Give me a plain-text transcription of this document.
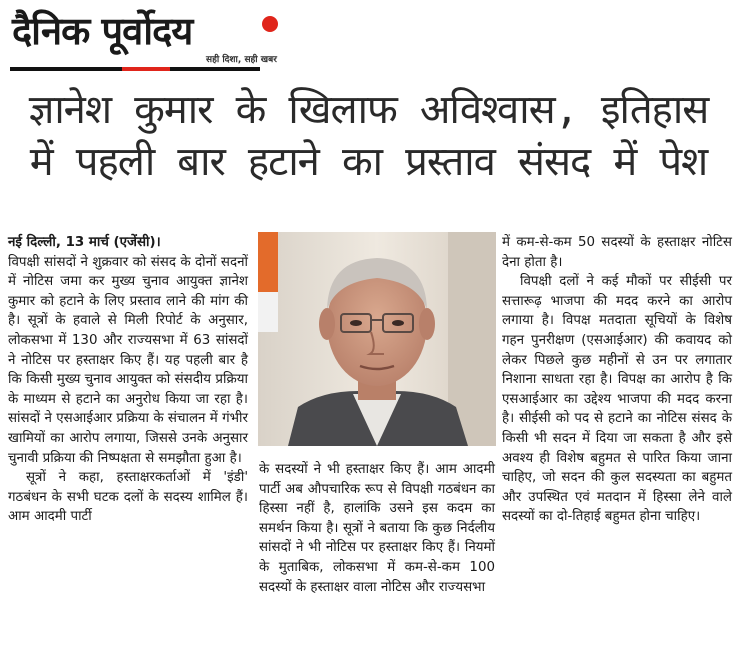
दैनिक पूर्वोदय
सही दिशा, सही खबर
ज्ञानेश कुमार के खिलाफ अविश्वास, इतिहास
में पहली बार हटाने का प्रस्ताव संसद में पेश

नई दिल्ली, 13 मार्च (एजेंसी)।

विपक्षी सांसदों ने शुक्रवार को संसद के दोनों सदनों में नोटिस जमा कर मुख्य चुनाव आयुक्त ज्ञानेश कुमार को हटाने के लिए प्रस्ताव लाने की मांग की है। सूत्रों के हवाले से मिली रिपोर्ट के अनुसार, लोकसभा में 130 और राज्यसभा में 63 सांसदों ने नोटिस पर हस्ताक्षर किए हैं। यह पहली बार है कि किसी मुख्य चुनाव आयुक्त को संसदीय प्रक्रिया के माध्यम से हटाने का अनुरोध किया जा रहा है। सांसदों ने एसआईआर प्रक्रिया के संचालन में गंभीर खामियों का आरोप लगाया, जिससे उनके अनुसार चुनावी प्रक्रिया की निष्पक्षता से समझौता हुआ है।

सूत्रों ने कहा, हस्ताक्षरकर्ताओं में 'इंडी' गठबंधन के सभी घटक दलों के सदस्य शामिल हैं। आम आदमी पार्टी

के सदस्यों ने भी हस्ताक्षर किए हैं। आम आदमी पार्टी अब औपचारिक रूप से विपक्षी गठबंधन का हिस्सा नहीं है, हालांकि उसने इस कदम का समर्थन किया है। सूत्रों ने बताया कि कुछ निर्दलीय सांसदों ने भी नोटिस पर हस्ताक्षर किए हैं। नियमों के मुताबिक, लोकसभा में कम-से-कम 100 सदस्यों के हस्ताक्षर वाला नोटिस और राज्यसभा

में कम-से-कम 50 सदस्यों के हस्ताक्षर नोटिस देना होता है।

विपक्षी दलों ने कई मौकों पर सीईसी पर सत्तारूढ़ भाजपा की मदद करने का आरोप लगाया है। विपक्ष मतदाता सूचियों के विशेष गहन पुनरीक्षण (एसआईआर) की कवायद को लेकर पिछले कुछ महीनों से उन पर लगातार निशाना साधता रहा है। विपक्ष का आरोप है कि एसआईआर का उद्देश्य भाजपा की मदद करना है। सीईसी को पद से हटाने का नोटिस संसद के किसी भी सदन में दिया जा सकता है और इसे अवश्य ही विशेष बहुमत से पारित किया जाना चाहिए, जो सदन की कुल सदस्यता का बहुमत और उपस्थित एवं मतदान में हिस्सा लेने वाले सदस्यों का दो-तिहाई बहुमत होना चाहिए।
